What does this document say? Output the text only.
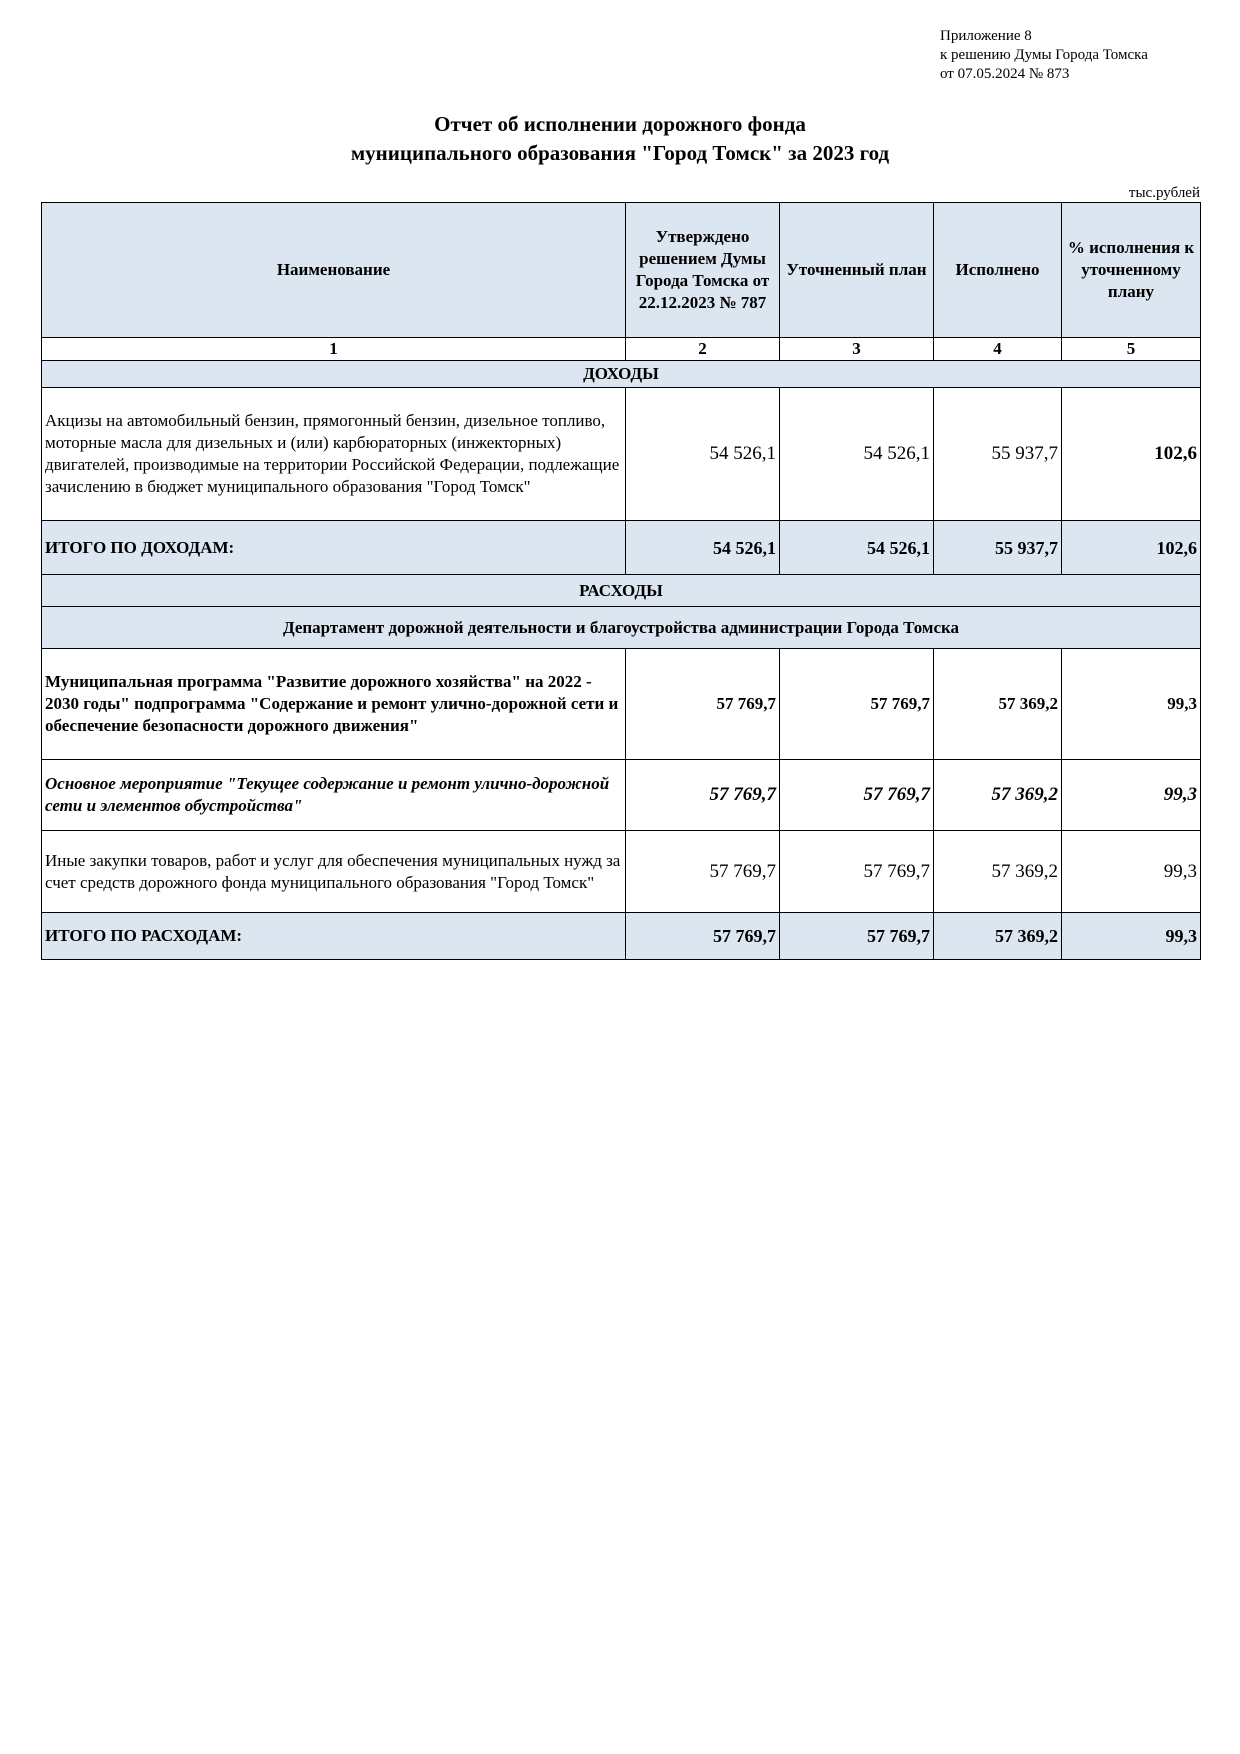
Приложение 8
к решению Думы Города Томска
от 07.05.2024 № 873
Отчет об исполнении дорожного фонда
муниципального образования "Город Томск" за 2023 год
тыс.рублей
Наименование	Утверждено решением Думы Города Томска от 22.12.2023 № 787	Уточненный план	Исполнено	% исполнения к уточненному плану
1	2	3	4	5
ДОХОДЫ				
Акцизы на автомобильный бензин, прямогонный бензин, дизельное топливо, моторные масла для дизельных и (или) карбюраторных (инжекторных) двигателей, производимые на территории Российской Федерации, подлежащие зачислению в бюджет муниципального образования "Город Томск"	54 526,1	54 526,1	55 937,7	102,6
ИТОГО ПО ДОХОДАМ:	54 526,1	54 526,1	55 937,7	102,6
РАСХОДЫ				
Департамент дорожной деятельности и благоустройства администрации Города Томска				
Муниципальная программа "Развитие дорожного хозяйства" на 2022 - 2030 годы" подпрограмма "Содержание и ремонт улично-дорожной сети и обеспечение безопасности дорожного движения"	57 769,7	57 769,7	57 369,2	99,3
Основное мероприятие "Текущее содержание и ремонт улично-дорожной сети и элементов обустройства"	57 769,7	57 769,7	57 369,2	99,3
Иные закупки товаров, работ и услуг для обеспечения муниципальных нужд за счет средств дорожного фонда муниципального образования "Город Томск"	57 769,7	57 769,7	57 369,2	99,3
ИТОГО ПО РАСХОДАМ:	57 769,7	57 769,7	57 369,2	99,3
